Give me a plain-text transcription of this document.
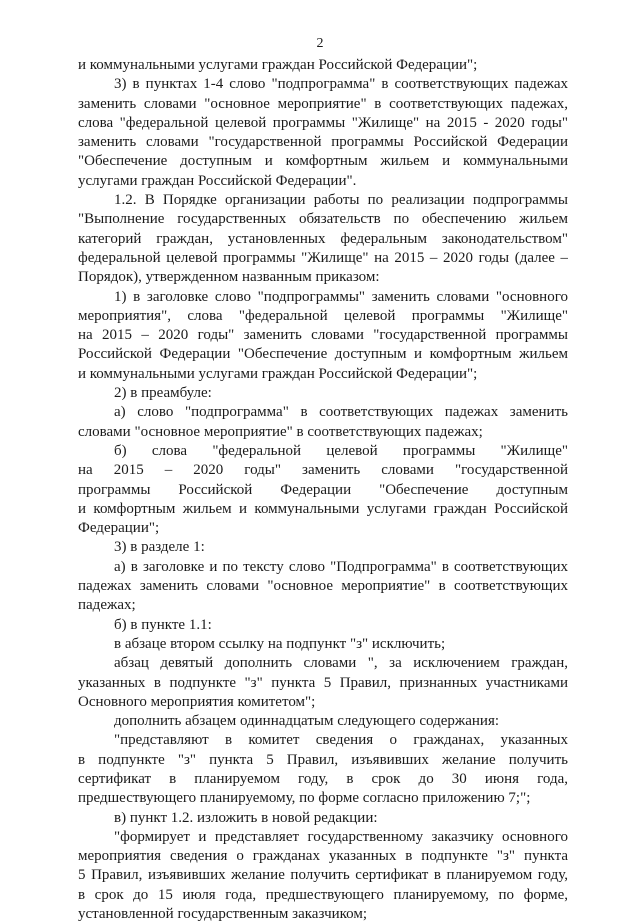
2
и коммунальными услугами граждан Российской Федерации";
3) в пунктах 1-4 слово "подпрограмма" в соответствующих падежах
заменить словами "основное мероприятие" в соответствующих падежах,
слова "федеральной целевой программы "Жилище" на 2015 - 2020 годы"
заменить словами "государственной программы Российской Федерации
"Обеспечение доступным и комфортным жильем и коммунальными
услугами граждан Российской Федерации".
1.2. В Порядке организации работы по реализации подпрограммы
"Выполнение государственных обязательств по обеспечению жильем
категорий граждан, установленных федеральным законодательством"
федеральной целевой программы "Жилище" на 2015 – 2020 годы (далее –
Порядок), утвержденном названным приказом:
1) в заголовке слово "подпрограммы" заменить словами "основного
мероприятия", слова "федеральной целевой программы "Жилище"
на 2015 – 2020 годы" заменить словами "государственной программы
Российской Федерации "Обеспечение доступным и комфортным жильем
и коммунальными услугами граждан Российской Федерации";
2) в преамбуле:
а) слово "подпрограмма" в соответствующих падежах заменить
словами "основное мероприятие" в соответствующих падежах;
б) слова "федеральной целевой программы "Жилище"
на 2015 – 2020 годы" заменить словами "государственной
программы Российской Федерации "Обеспечение доступным
и комфортным жильем и коммунальными услугами граждан Российской
Федерации";
3) в разделе 1:
а) в заголовке и по тексту слово "Подпрограмма" в соответствующих
падежах заменить словами "основное мероприятие" в соответствующих
падежах;
б) в пункте 1.1:
в абзаце втором ссылку на подпункт "з" исключить;
абзац девятый дополнить словами ", за исключением граждан,
указанных в подпункте "з" пункта 5 Правил, признанных участниками
Основного мероприятия комитетом";
дополнить абзацем одиннадцатым следующего содержания:
"представляют в комитет сведения о гражданах, указанных
в подпункте "з" пункта 5 Правил, изъявивших желание получить
сертификат в планируемом году, в срок до 30 июня года,
предшествующего планируемому, по форме согласно приложению 7;";
в) пункт 1.2. изложить в новой редакции:
"формирует и представляет государственному заказчику основного
мероприятия сведения о гражданах указанных в подпункте "з" пункта
5 Правил, изъявивших желание получить сертификат в планируемом году,
в срок до 15 июля года, предшествующего планируемому, по форме,
установленной государственным заказчиком;
